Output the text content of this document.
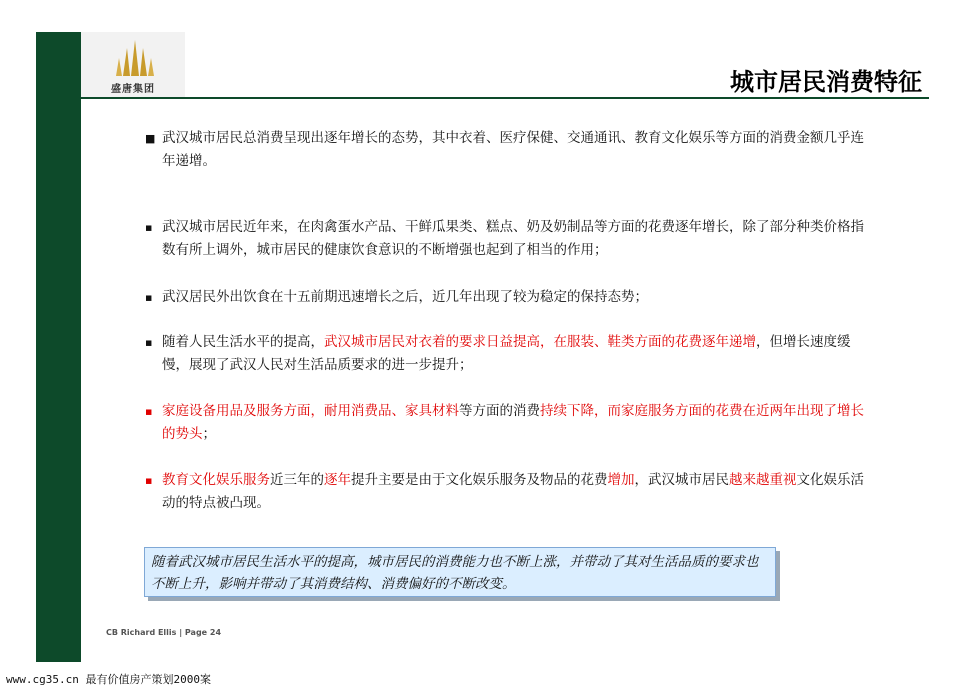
盛唐集团	城市居民消费特征
■ 武汉城市居民总消费呈现出逐年增长的态势，其中衣着、医疗保健、交通通讯、教育文化娱乐等方面的消费金额几乎连年递增。
▪ 武汉城市居民近年来，在肉禽蛋水产品、干鲜瓜果类、糕点、奶及奶制品等方面的花费逐年增长，除了部分种类价格指数有所上调外，城市居民的健康饮食意识的不断增强也起到了相当的作用；
▪ 武汉居民外出饮食在十五前期迅速增长之后，近几年出现了较为稳定的保持态势；
▪ 随着人民生活水平的提高，武汉城市居民对衣着的要求日益提高，在服装、鞋类方面的花费逐年递增，但增长速度缓慢，展现了武汉人民对生活品质要求的进一步提升；
▪ 家庭设备用品及服务方面，耐用消费品、家具材料等方面的消费持续下降，而家庭服务方面的花费在近两年出现了增长的势头；
▪ 教育文化娱乐服务近三年的逐年提升主要是由于文化娱乐服务及物品的花费增加，武汉城市居民越来越重视文化娱乐活动的特点被凸现。
随着武汉城市居民生活水平的提高，城市居民的消费能力也不断上涨，并带动了其对生活品质的要求也不断上升，影响并带动了其消费结构、消费偏好的不断改变。
CB Richard Ellis | Page 24
www.cg35.cn 最有价值房产策划2000案
